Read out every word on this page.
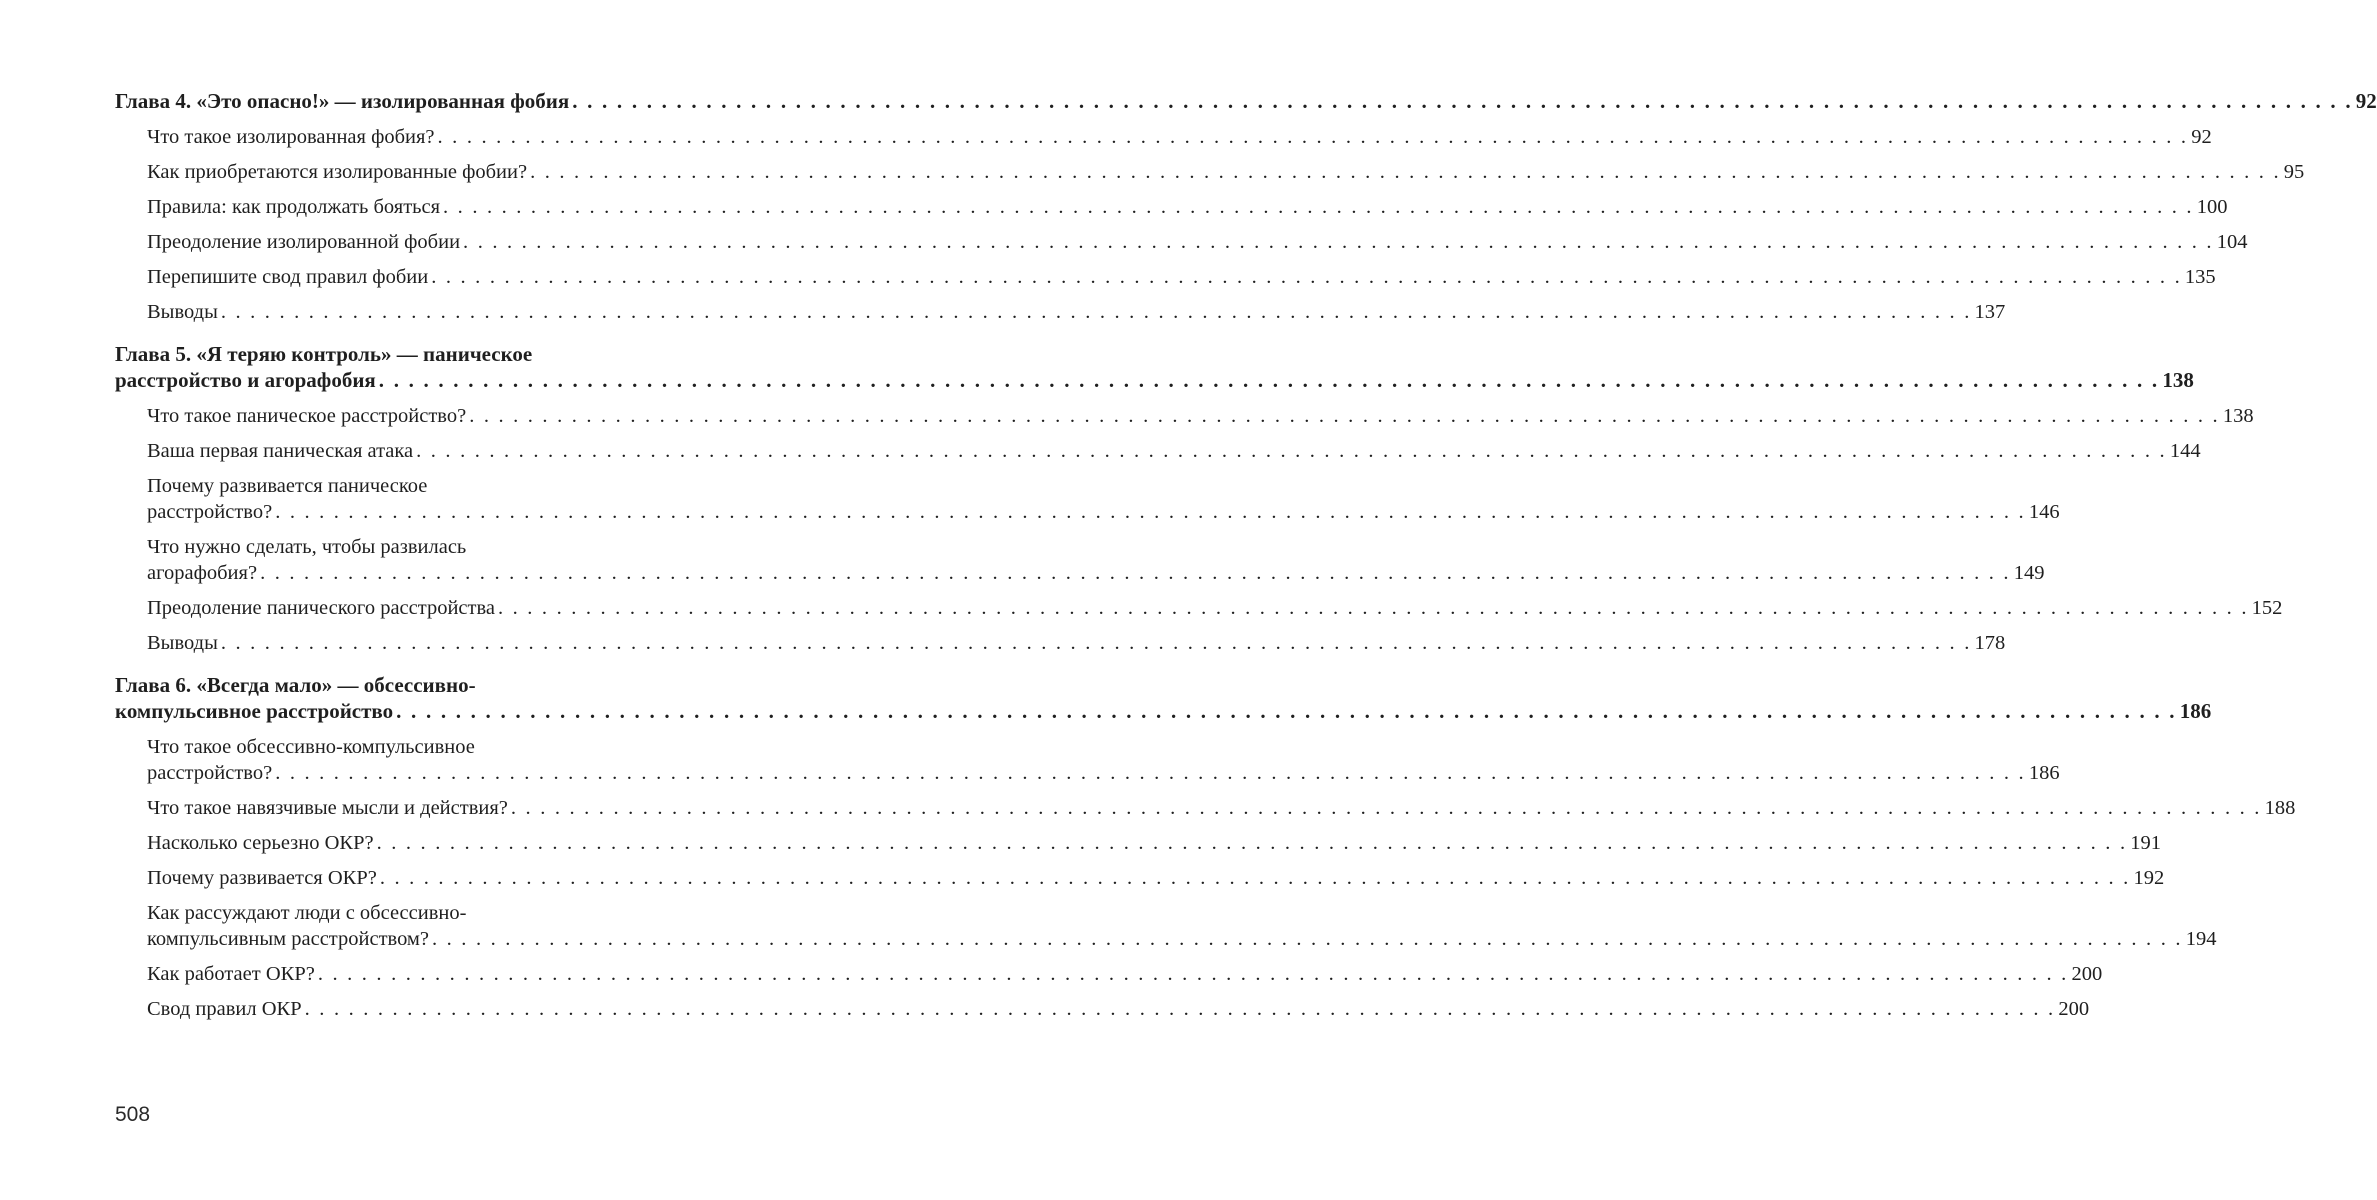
Глава 4. «Это опасно!» — изолированная фобия . . . . . . . . . . . . . . . . . . . . . . . . . . . . . . . . . . . . . . . . . . . . . . . . . . . . . . . . . . . . . . . . . . . . . . . . . . . . . . . . . . . . . . . . . . . . . . . . . . . . . . . . . . . . . . . . . . . . . . . . 92
Что такое изолированная фобия? . . . . . . . . . . . . . . . . . . . . . . . . . . . . . . . . . . . . . . . . . . . . . . . . . . . . . . . . . . . . . . . . . . . . . . . . . . . . . . . . . . . . . . . . . . . . . . . . . . . . . . . . . . . . . . . . . . . . . . . . 92
Как приобретаются изолированные фобии? . . . . . . . . . . . . . . . . . . . . . . . . . . . . . . . . . . . . . . . . . . . . . . . . . . . . . . . . . . . . . . . . . . . . . . . . . . . . . . . . . . . . . . . . . . . . . . . . . . . . . . . . . . . . . . . . . . . . . . . . 95
Правила: как продолжать бояться . . . . . . . . . . . . . . . . . . . . . . . . . . . . . . . . . . . . . . . . . . . . . . . . . . . . . . . . . . . . . . . . . . . . . . . . . . . . . . . . . . . . . . . . . . . . . . . . . . . . . . . . . . . . . . . . . . . . . . . . 100
Преодоление изолированной фобии . . . . . . . . . . . . . . . . . . . . . . . . . . . . . . . . . . . . . . . . . . . . . . . . . . . . . . . . . . . . . . . . . . . . . . . . . . . . . . . . . . . . . . . . . . . . . . . . . . . . . . . . . . . . . . . . . . . . . . . . 104
Перепишите свод правил фобии . . . . . . . . . . . . . . . . . . . . . . . . . . . . . . . . . . . . . . . . . . . . . . . . . . . . . . . . . . . . . . . . . . . . . . . . . . . . . . . . . . . . . . . . . . . . . . . . . . . . . . . . . . . . . . . . . . . . . . . . 135
Выводы . . . . . . . . . . . . . . . . . . . . . . . . . . . . . . . . . . . . . . . . . . . . . . . . . . . . . . . . . . . . . . . . . . . . . . . . . . . . . . . . . . . . . . . . . . . . . . . . . . . . . . . . . . . . . . . . . . . . . . . . 137
Глава 5. «Я теряю контроль» — паническое
расстройство и агорафобия . . . . . . . . . . . . . . . . . . . . . . . . . . . . . . . . . . . . . . . . . . . . . . . . . . . . . . . . . . . . . . . . . . . . . . . . . . . . . . . . . . . . . . . . . . . . . . . . . . . . . . . . . . . . . . . . . . . . . . . . 138
Что такое паническое расстройство? . . . . . . . . . . . . . . . . . . . . . . . . . . . . . . . . . . . . . . . . . . . . . . . . . . . . . . . . . . . . . . . . . . . . . . . . . . . . . . . . . . . . . . . . . . . . . . . . . . . . . . . . . . . . . . . . . . . . . . . . 138
Ваша первая паническая атака . . . . . . . . . . . . . . . . . . . . . . . . . . . . . . . . . . . . . . . . . . . . . . . . . . . . . . . . . . . . . . . . . . . . . . . . . . . . . . . . . . . . . . . . . . . . . . . . . . . . . . . . . . . . . . . . . . . . . . . . 144
Почему развивается паническое
расстройство? . . . . . . . . . . . . . . . . . . . . . . . . . . . . . . . . . . . . . . . . . . . . . . . . . . . . . . . . . . . . . . . . . . . . . . . . . . . . . . . . . . . . . . . . . . . . . . . . . . . . . . . . . . . . . . . . . . . . . . . . 146
Что нужно сделать, чтобы развилась
агорафобия? . . . . . . . . . . . . . . . . . . . . . . . . . . . . . . . . . . . . . . . . . . . . . . . . . . . . . . . . . . . . . . . . . . . . . . . . . . . . . . . . . . . . . . . . . . . . . . . . . . . . . . . . . . . . . . . . . . . . . . . . 149
Преодоление панического расстройства . . . . . . . . . . . . . . . . . . . . . . . . . . . . . . . . . . . . . . . . . . . . . . . . . . . . . . . . . . . . . . . . . . . . . . . . . . . . . . . . . . . . . . . . . . . . . . . . . . . . . . . . . . . . . . . . . . . . . . . . 152
Выводы . . . . . . . . . . . . . . . . . . . . . . . . . . . . . . . . . . . . . . . . . . . . . . . . . . . . . . . . . . . . . . . . . . . . . . . . . . . . . . . . . . . . . . . . . . . . . . . . . . . . . . . . . . . . . . . . . . . . . . . . 178
Глава 6. «Всегда мало» — обсессивно-
компульсивное расстройство . . . . . . . . . . . . . . . . . . . . . . . . . . . . . . . . . . . . . . . . . . . . . . . . . . . . . . . . . . . . . . . . . . . . . . . . . . . . . . . . . . . . . . . . . . . . . . . . . . . . . . . . . . . . . . . . . . . . . . . . 186
Что такое обсессивно-компульсивное
расстройство? . . . . . . . . . . . . . . . . . . . . . . . . . . . . . . . . . . . . . . . . . . . . . . . . . . . . . . . . . . . . . . . . . . . . . . . . . . . . . . . . . . . . . . . . . . . . . . . . . . . . . . . . . . . . . . . . . . . . . . . . 186
Что такое навязчивые мысли и действия? . . . . . . . . . . . . . . . . . . . . . . . . . . . . . . . . . . . . . . . . . . . . . . . . . . . . . . . . . . . . . . . . . . . . . . . . . . . . . . . . . . . . . . . . . . . . . . . . . . . . . . . . . . . . . . . . . . . . . . . . 188
Насколько серьезно ОКР? . . . . . . . . . . . . . . . . . . . . . . . . . . . . . . . . . . . . . . . . . . . . . . . . . . . . . . . . . . . . . . . . . . . . . . . . . . . . . . . . . . . . . . . . . . . . . . . . . . . . . . . . . . . . . . . . . . . . . . . . 191
Почему развивается ОКР? . . . . . . . . . . . . . . . . . . . . . . . . . . . . . . . . . . . . . . . . . . . . . . . . . . . . . . . . . . . . . . . . . . . . . . . . . . . . . . . . . . . . . . . . . . . . . . . . . . . . . . . . . . . . . . . . . . . . . . . . 192
Как рассуждают люди с обсессивно-
компульсивным расстройством? . . . . . . . . . . . . . . . . . . . . . . . . . . . . . . . . . . . . . . . . . . . . . . . . . . . . . . . . . . . . . . . . . . . . . . . . . . . . . . . . . . . . . . . . . . . . . . . . . . . . . . . . . . . . . . . . . . . . . . . . 194
Как работает ОКР? . . . . . . . . . . . . . . . . . . . . . . . . . . . . . . . . . . . . . . . . . . . . . . . . . . . . . . . . . . . . . . . . . . . . . . . . . . . . . . . . . . . . . . . . . . . . . . . . . . . . . . . . . . . . . . . . . . . . . . . . 200
Свод правил ОКР . . . . . . . . . . . . . . . . . . . . . . . . . . . . . . . . . . . . . . . . . . . . . . . . . . . . . . . . . . . . . . . . . . . . . . . . . . . . . . . . . . . . . . . . . . . . . . . . . . . . . . . . . . . . . . . . . . . . . . . . 200
508
